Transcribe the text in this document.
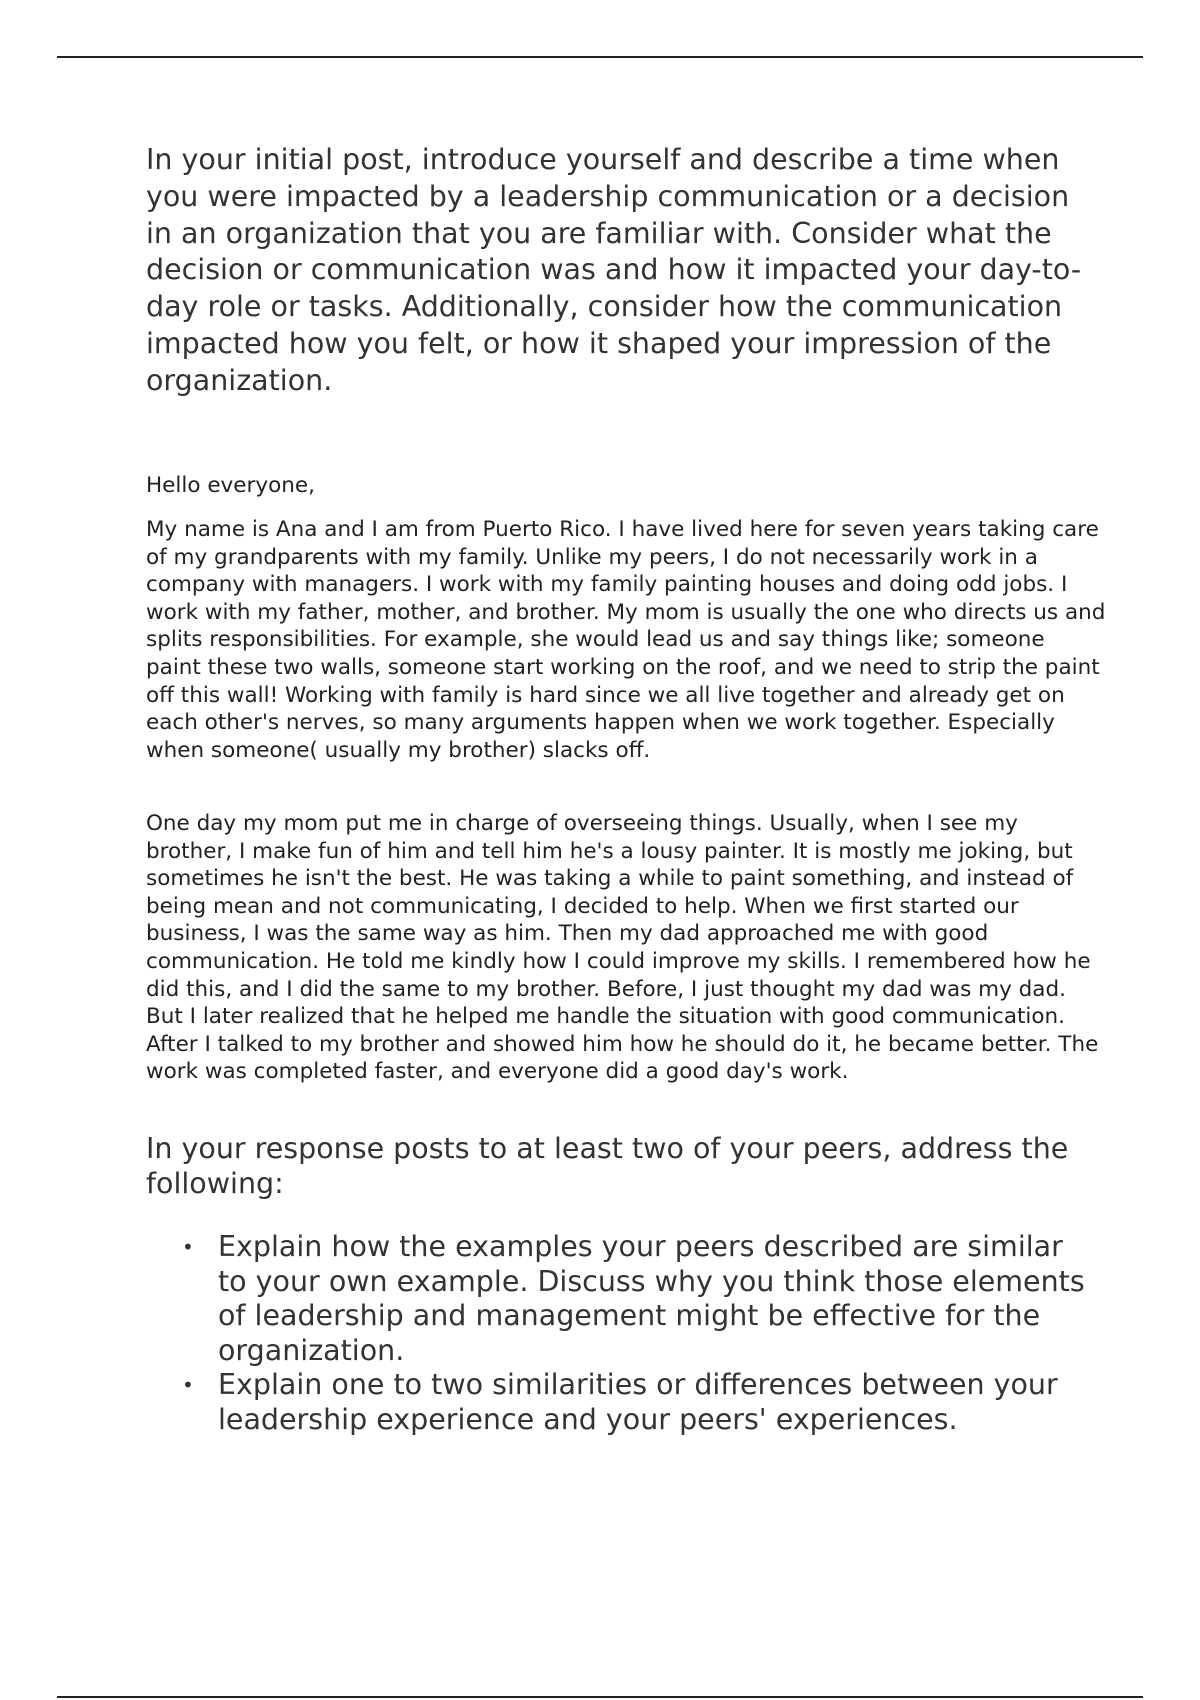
In your initial post, introduce yourself and describe a time when you were impacted by a leadership communication or a decision in an organization that you are familiar with. Consider what the decision or communication was and how it impacted your day-to-day role or tasks. Additionally, consider how the communication impacted how you felt, or how it shaped your impression of the organization.

Hello everyone,

My name is Ana and I am from Puerto Rico. I have lived here for seven years taking care of my grandparents with my family. Unlike my peers, I do not necessarily work in a company with managers. I work with my family painting houses and doing odd jobs. I work with my father, mother, and brother. My mom is usually the one who directs us and splits responsibilities. For example, she would lead us and say things like; someone paint these two walls, someone start working on the roof, and we need to strip the paint off this wall! Working with family is hard since we all live together and already get on each other's nerves, so many arguments happen when we work together. Especially when someone( usually my brother) slacks off.

One day my mom put me in charge of overseeing things. Usually, when I see my brother, I make fun of him and tell him he's a lousy painter. It is mostly me joking, but sometimes he isn't the best. He was taking a while to paint something, and instead of being mean and not communicating, I decided to help. When we first started our business, I was the same way as him. Then my dad approached me with good communication. He told me kindly how I could improve my skills. I remembered how he did this, and I did the same to my brother. Before, I just thought my dad was my dad. But I later realized that he helped me handle the situation with good communication. After I talked to my brother and showed him how he should do it, he became better. The work was completed faster, and everyone did a good day's work.

In your response posts to at least two of your peers, address the following:

• Explain how the examples your peers described are similar to your own example. Discuss why you think those elements of leadership and management might be effective for the organization.
• Explain one to two similarities or differences between your leadership experience and your peers' experiences.
